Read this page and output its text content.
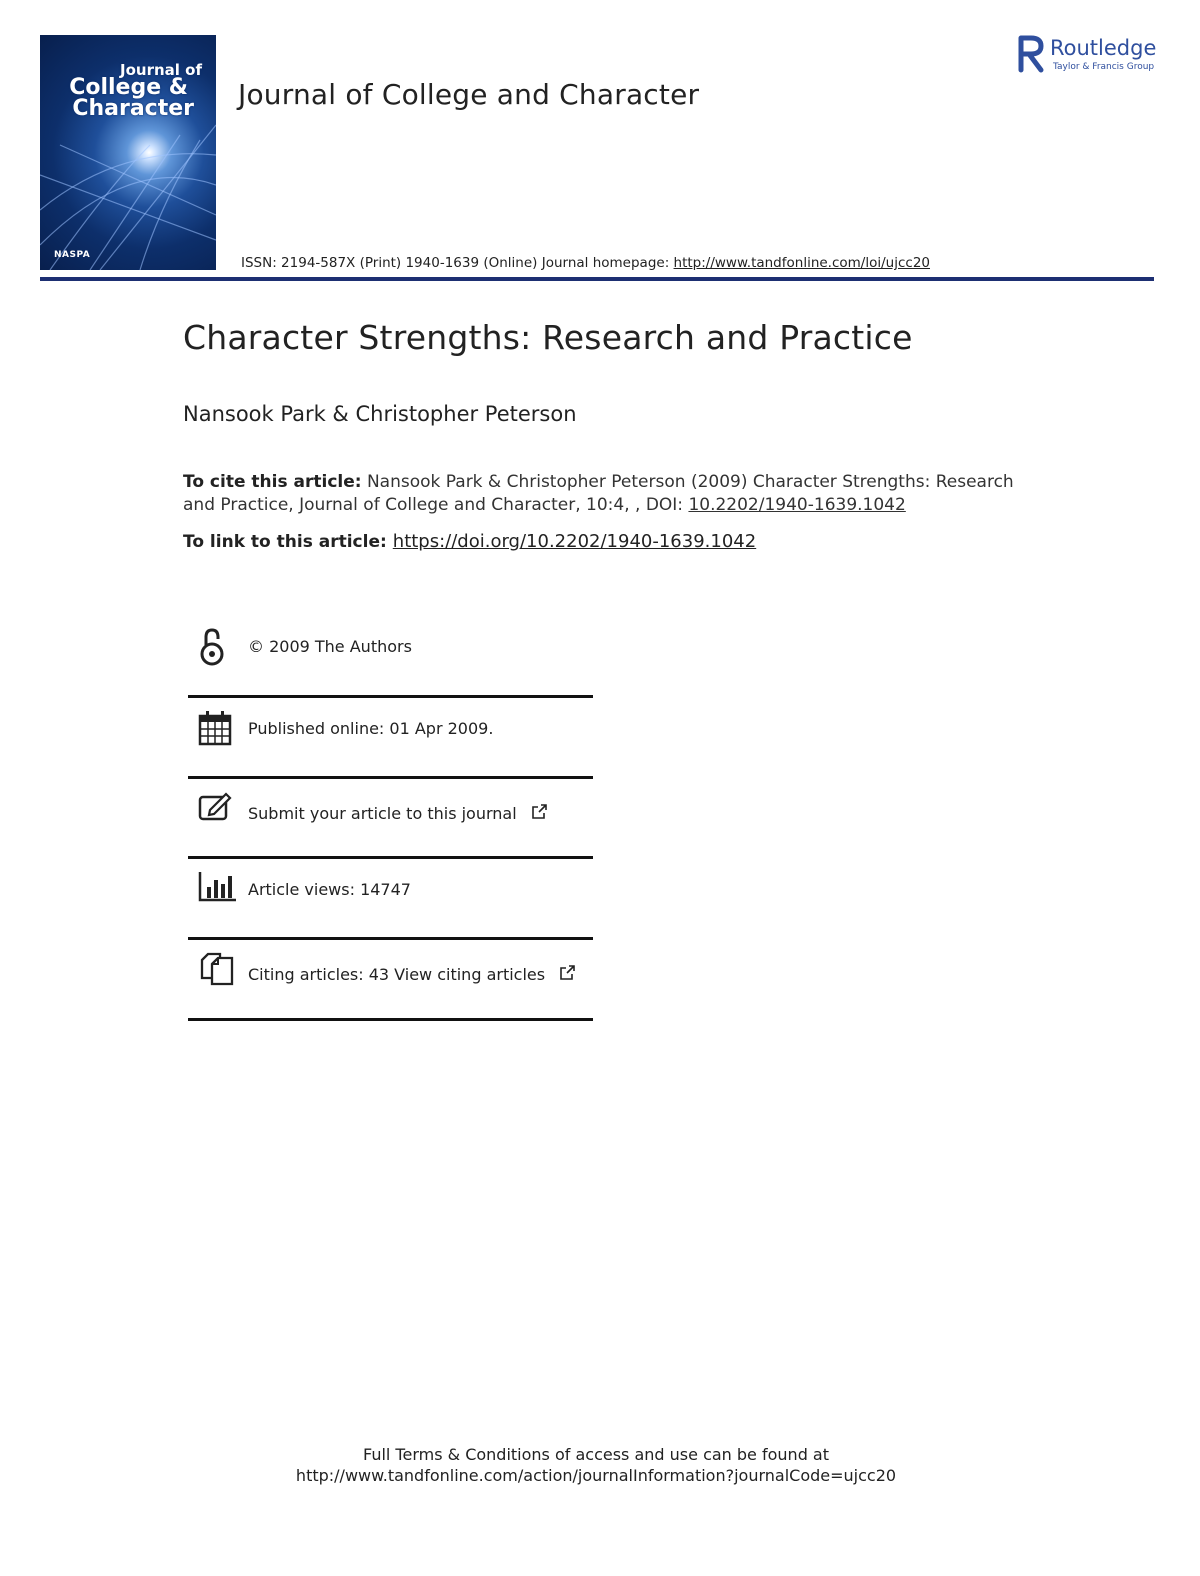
Journal of
College &
Character
NASPA
Journal of College and Character
Routledge
Taylor & Francis Group
ISSN: 2194-587X (Print) 1940-1639 (Online) Journal homepage: http://www.tandfonline.com/loi/ujcc20
Character Strengths: Research and Practice
Nansook Park & Christopher Peterson
To cite this article: Nansook Park & Christopher Peterson (2009) Character Strengths: Research and Practice, Journal of College and Character, 10:4, , DOI: 10.2202/1940-1639.1042
To link to this article: https://doi.org/10.2202/1940-1639.1042
© 2009 The Authors
Published online: 01 Apr 2009.
Submit your article to this journal
Article views: 14747
Citing articles: 43 View citing articles
Full Terms & Conditions of access and use can be found at
http://www.tandfonline.com/action/journalInformation?journalCode=ujcc20
